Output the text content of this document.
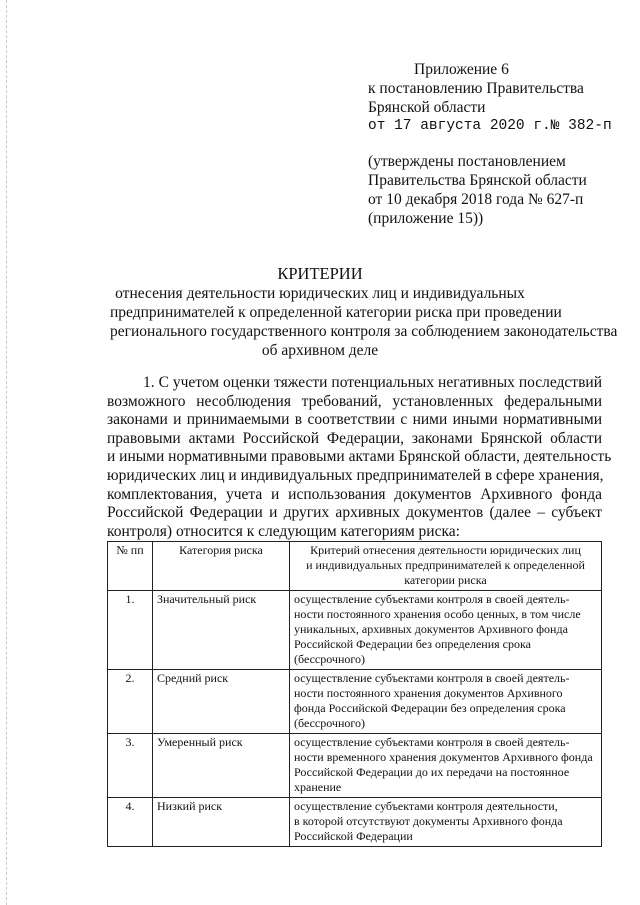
Приложение 6
к постановлению Правительства
Брянской области
от 17 августа 2020 г.№ 382-п
(утверждены постановлением
Правительства Брянской области
от 10 декабря 2018 года № 627-п
(приложение 15))
КРИТЕРИИ
отнесения деятельности юридических лиц и индивидуальных
предпринимателей к определенной категории риска при проведении
регионального государственного контроля за соблюдением законодательства
об архивном деле
1. С учетом оценки тяжести потенциальных негативных последствий
возможного несоблюдения требований, установленных федеральными
законами и принимаемыми в соответствии с ними иными нормативными
правовыми актами Российской Федерации, законами Брянской области
и иными нормативными правовыми актами Брянской области, деятельность
юридических лиц и индивидуальных предпринимателей в сфере хранения,
комплектования, учета и использования документов Архивного фонда
Российской Федерации и других архивных документов (далее – субъект
контроля) относится к следующим категориям риска:
№ пп	Категория риска	Критерий отнесения деятельности юридических лиц
и индивидуальных предпринимателей к определенной
категории риска

1.	Значительный риск	осуществление субъектами контроля в своей деятель-
ности постоянного хранения особо ценных, в том числе
уникальных, архивных документов Архивного фонда
Российской Федерации без определения срока
(бессрочного)

2.	Средний риск	осуществление субъектами контроля в своей деятель-
ности постоянного хранения документов Архивного
фонда Российской Федерации без определения срока
(бессрочного)

3.	Умеренный риск	осуществление субъектами контроля в своей деятель-
ности временного хранения документов Архивного фонда
Российской Федерации до их передачи на постоянное
хранение

4.	Низкий риск	осуществление субъектами контроля деятельности,
в которой отсутствуют документы Архивного фонда
Российской Федерации
